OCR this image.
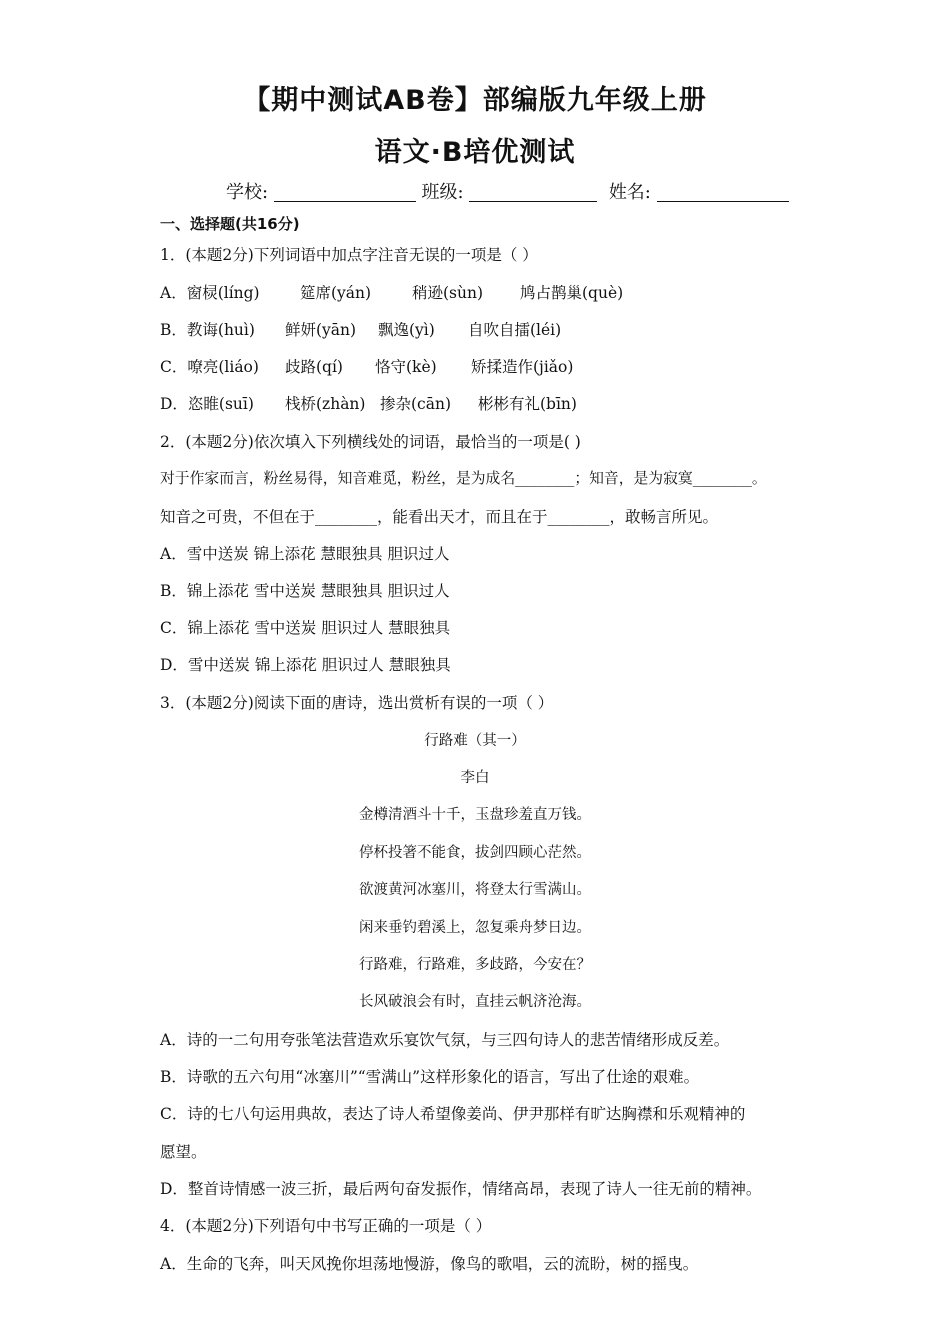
【期中测试AB卷】部编版九年级上册
语文·B培优测试
学校:	班级:	姓名:
一、选择题(共16分)
1．(本题2分)下列词语中加点字注音无误的一项是（ ）
A．窗棂(líng)	筵席(yán)	稍逊(sùn) 鸠占鹊巢(què)
B．教诲(huì) 鲜妍(yān) 飘逸(yì) 自吹自擂(léi)
C．嘹亮(liáo) 歧路(qí) 恪守(kè) 矫揉造作(jiǎo)
D．恣睢(suī) 栈桥(zhàn) 掺杂(cān) 彬彬有礼(bīn)
2．(本题2分)依次填入下列横线处的词语，最恰当的一项是( )
对于作家而言，粉丝易得，知音难觅，粉丝，是为成名________；知音，是为寂寞________。
知音之可贵，不但在于________，能看出天才，而且在于________，敢畅言所见。
A．雪中送炭 锦上添花 慧眼独具 胆识过人
B．锦上添花 雪中送炭 慧眼独具 胆识过人
C．锦上添花 雪中送炭 胆识过人 慧眼独具
D．雪中送炭 锦上添花 胆识过人 慧眼独具
3．(本题2分)阅读下面的唐诗，选出赏析有误的一项（ ）
行路难（其一）
李白
金樽清酒斗十千，玉盘珍羞直万钱。
停杯投箸不能食，拔剑四顾心茫然。
欲渡黄河冰塞川，将登太行雪满山。
闲来垂钓碧溪上，忽复乘舟梦日边。
行路难，行路难，多歧路，今安在？
长风破浪会有时，直挂云帆济沧海。
A．诗的一二句用夸张笔法营造欢乐宴饮气氛，与三四句诗人的悲苦情绪形成反差。
B．诗歌的五六句用“冰塞川”“雪满山”这样形象化的语言，写出了仕途的艰难。
C．诗的七八句运用典故，表达了诗人希望像姜尚、伊尹那样有旷达胸襟和乐观精神的
愿望。
D．整首诗情感一波三折，最后两句奋发振作，情绪高昂，表现了诗人一往无前的精神。
4．(本题2分)下列语句中书写正确的一项是（ ）
A．生命的飞奔，叫天风挽你坦荡地慢游，像鸟的歌唱，云的流盼，树的摇曳。
